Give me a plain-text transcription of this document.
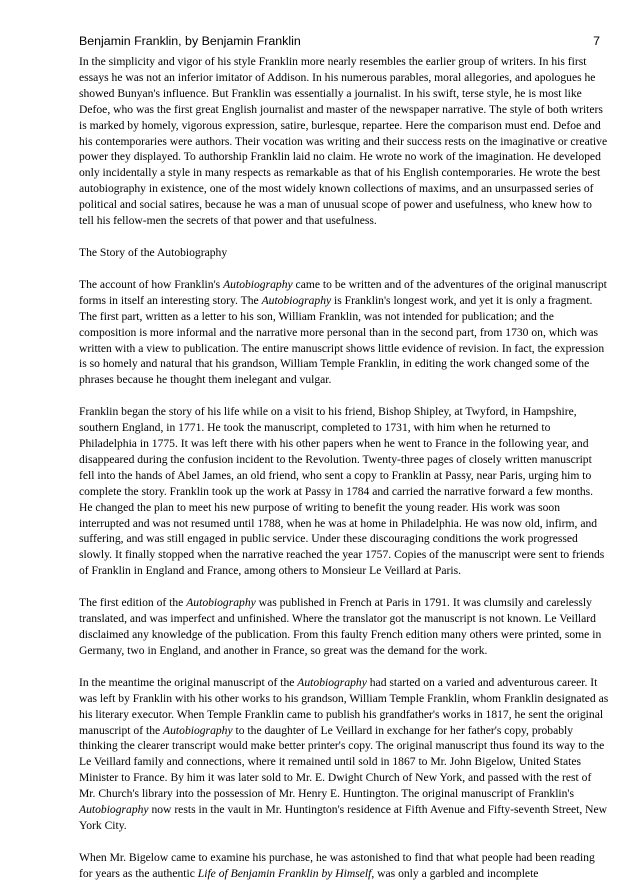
Benjamin Franklin, by Benjamin Franklin	7

In the simplicity and vigor of his style Franklin more nearly resembles the earlier group of writers. In his first essays he was not an inferior imitator of Addison. In his numerous parables, moral allegories, and apologues he showed Bunyan's influence. But Franklin was essentially a journalist. In his swift, terse style, he is most like Defoe, who was the first great English journalist and master of the newspaper narrative. The style of both writers is marked by homely, vigorous expression, satire, burlesque, repartee. Here the comparison must end. Defoe and his contemporaries were authors. Their vocation was writing and their success rests on the imaginative or creative power they displayed. To authorship Franklin laid no claim. He wrote no work of the imagination. He developed only incidentally a style in many respects as remarkable as that of his English contemporaries. He wrote the best autobiography in existence, one of the most widely known collections of maxims, and an unsurpassed series of political and social satires, because he was a man of unusual scope of power and usefulness, who knew how to tell his fellow-men the secrets of that power and that usefulness.

The Story of the Autobiography

The account of how Franklin's Autobiography came to be written and of the adventures of the original manuscript forms in itself an interesting story. The Autobiography is Franklin's longest work, and yet it is only a fragment. The first part, written as a letter to his son, William Franklin, was not intended for publication; and the composition is more informal and the narrative more personal than in the second part, from 1730 on, which was written with a view to publication. The entire manuscript shows little evidence of revision. In fact, the expression is so homely and natural that his grandson, William Temple Franklin, in editing the work changed some of the phrases because he thought them inelegant and vulgar.

Franklin began the story of his life while on a visit to his friend, Bishop Shipley, at Twyford, in Hampshire, southern England, in 1771. He took the manuscript, completed to 1731, with him when he returned to Philadelphia in 1775. It was left there with his other papers when he went to France in the following year, and disappeared during the confusion incident to the Revolution. Twenty-three pages of closely written manuscript fell into the hands of Abel James, an old friend, who sent a copy to Franklin at Passy, near Paris, urging him to complete the story. Franklin took up the work at Passy in 1784 and carried the narrative forward a few months. He changed the plan to meet his new purpose of writing to benefit the young reader. His work was soon interrupted and was not resumed until 1788, when he was at home in Philadelphia. He was now old, infirm, and suffering, and was still engaged in public service. Under these discouraging conditions the work progressed slowly. It finally stopped when the narrative reached the year 1757. Copies of the manuscript were sent to friends of Franklin in England and France, among others to Monsieur Le Veillard at Paris.

The first edition of the Autobiography was published in French at Paris in 1791. It was clumsily and carelessly translated, and was imperfect and unfinished. Where the translator got the manuscript is not known. Le Veillard disclaimed any knowledge of the publication. From this faulty French edition many others were printed, some in Germany, two in England, and another in France, so great was the demand for the work.

In the meantime the original manuscript of the Autobiography had started on a varied and adventurous career. It was left by Franklin with his other works to his grandson, William Temple Franklin, whom Franklin designated as his literary executor. When Temple Franklin came to publish his grandfather's works in 1817, he sent the original manuscript of the Autobiography to the daughter of Le Veillard in exchange for her father's copy, probably thinking the clearer transcript would make better printer's copy. The original manuscript thus found its way to the Le Veillard family and connections, where it remained until sold in 1867 to Mr. John Bigelow, United States Minister to France. By him it was later sold to Mr. E. Dwight Church of New York, and passed with the rest of Mr. Church's library into the possession of Mr. Henry E. Huntington. The original manuscript of Franklin's Autobiography now rests in the vault in Mr. Huntington's residence at Fifth Avenue and Fifty-seventh Street, New York City.

When Mr. Bigelow came to examine his purchase, he was astonished to find that what people had been reading for years as the authentic Life of Benjamin Franklin by Himself, was only a garbled and incomplete
